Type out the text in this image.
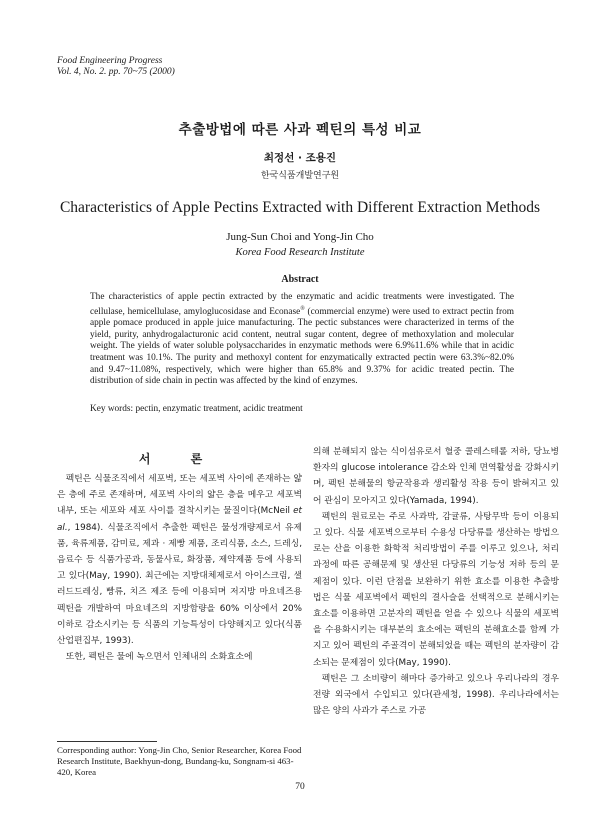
Food Engineering Progress
Vol. 4, No. 2. pp. 70~75 (2000)
추출방법에 따른 사과 펙틴의 특성 비교
최정선 · 조용진
한국식품개발연구원
Characteristics of Apple Pectins Extracted with Different Extraction Methods
Jung-Sun Choi and Yong-Jin Cho
Korea Food Research Institute
Abstract
The characteristics of apple pectin extracted by the enzymatic and acidic treatments were investigated. The cellulase, hemicellulase, amyloglucosidase and Econase® (commercial enzyme) were used to extract pectin from apple pomace produced in apple juice manufacturing. The pectic substances were characterized in terms of the yield, purity, anhydrogalacturonic acid content, neutral sugar content, degree of methoxylation and molecular weight. The yields of water soluble polysaccharides in enzymatic methods were 6.9%11.6% while that in acidic treatment was 10.1%. The purity and methoxyl content for enzymatically extracted pectin were 63.3%~82.0% and 9.47~11.08%, respectively, which were higher than 65.8% and 9.37% for acidic treated pectin. The distribution of side chain in pectin was affected by the kind of enzymes.
Key words: pectin, enzymatic treatment, acidic treatment
서 론

펙틴은 식물조직에서 세포벽, 또는 세포벽 사이에 존재하는 얇은 층에 주로 존재하며, 세포벽 사이의 얇은 층을 메우고 세포벽 내부, 또는 세포와 세포 사이를 결착시키는 물질이다(McNeil et al., 1984). 식물조직에서 추출한 펙틴은 물성개량제로서 유제품, 육류제품, 감미료, 제과 · 제빵 제품, 조리식품, 소스, 드레싱, 음료수 등 식품가공과, 동물사료, 화장품, 제약제품 등에 사용되고 있다(May, 1990). 최근에는 지방대체제로서 아이스크림, 샐러드드레싱, 빵류, 치즈 제조 등에 이용되며 저지방 마요네즈용 펙틴을 개발하여 마요네즈의 지방함량을 60% 이상에서 20% 이하로 감소시키는 등 식품의 기능특성이 다양해지고 있다(식품산업편집부, 1993).

또한, 펙틴은 물에 녹으면서 인체내의 소화효소에

의해 분해되지 않는 식이섬유로서 혈중 콜레스테롤 저하, 당뇨병 환자의 glucose intolerance 감소와 인체 면역활성을 강화시키며, 펙틴 분해물의 항균작용과 생리활성 작용 등이 밝혀지고 있어 관심이 모아지고 있다(Yamada, 1994).

펙틴의 원료로는 주로 사과박, 감귤류, 사탕무박 등이 이용되고 있다. 식물 세포벽으로부터 수용성 다당류를 생산하는 방법으로는 산을 이용한 화학적 처리방법이 주를 이루고 있으나, 처리과정에 따른 공해문제 및 생산된 다당류의 기능성 저하 등의 문제점이 있다. 이런 단점을 보완하기 위한 효소를 이용한 추출방법은 식물 세포벽에서 펙틴의 결사슬을 선택적으로 분해시키는 효소를 이용하면 고분자의 펙틴을 얻을 수 있으나 식물의 세포벽을 수용화시키는 대부분의 효소에는 펙틴의 분해효소를 함께 가지고 있어 펙틴의 주골격이 분해되었을 때는 펙틴의 분자량이 감소되는 문제점이 있다(May, 1990).

펙틴은 그 소비량이 해마다 증가하고 있으나 우리나라의 경우 전량 외국에서 수입되고 있다(관세청, 1998). 우리나라에서는 많은 양의 사과가 주스로 가공

Corresponding author: Yong-Jin Cho, Senior Researcher, Korea Food Research Institute, Baekhyun-dong, Bundang-ku, Songnam-si 463-420, Korea
70
